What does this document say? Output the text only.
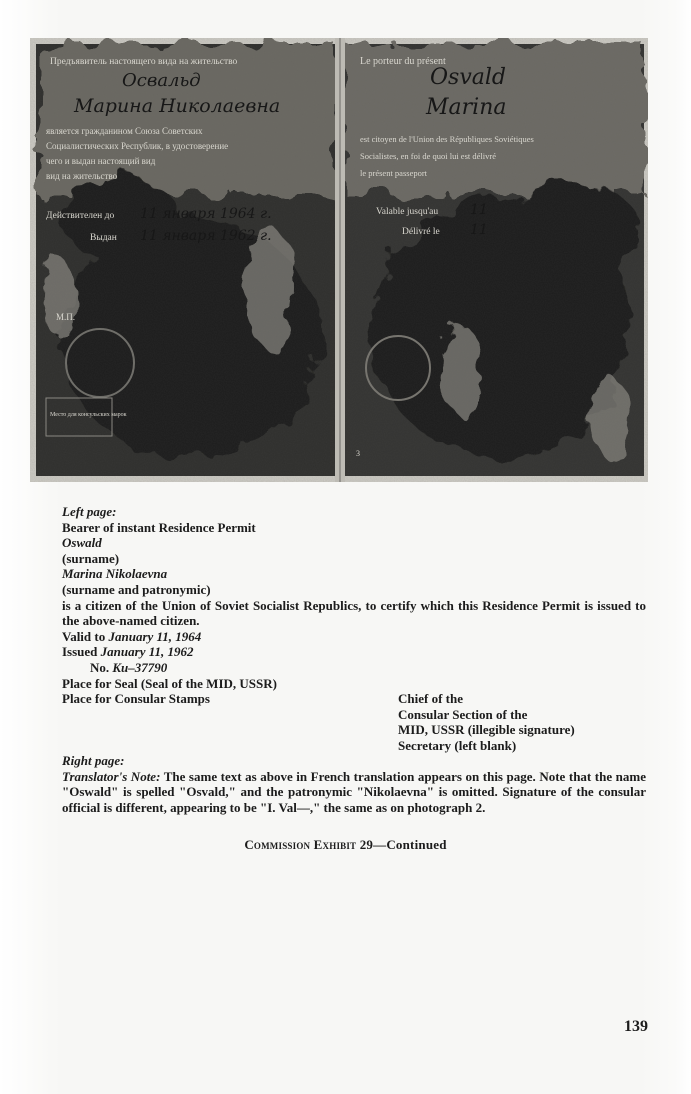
Предъявитель настоящего вида на жительство
Освальд
Марина Николаевна
является гражданином Союза Советских
Социалистических Республик, в удостоверение
чего и выдан настоящий вид
вид на жительство
Действителен до 11 января 1964 г.
Выдан 11 января 1962 г.
М.П.
Место для консульских марок
Le porteur du présent
Osvald
Marina
est citoyen de l'Union des Républiques Soviétiques
Socialistes, en foi de quoi lui est délivré
le présent passeport
Valable jusqu'au 11
Délivré le 11
3
Left page:
Bearer of instant Residence Permit
Oswald
(surname)
Marina Nikolaevna
(surname and patronymic)
is a citizen of the Union of Soviet Socialist Republics, to certify which this Residence Permit is issued to the above-named citizen.
Valid to January 11, 1964
Issued January 11, 1962
No. Ku–37790
Place for Seal (Seal of the MID, USSR)
Place for Consular Stamps	Chief of the
Consular Section of the
MID, USSR (illegible signature)
Secretary (left blank)
Right page:
Translator's Note: The same text as above in French translation appears on this page. Note that the name "Oswald" is spelled "Osvald," and the patronymic "Nikolaevna" is omitted. Signature of the consular official is different, appearing to be "I. Val—," the same as on photograph 2.
Commission Exhibit 29—Continued
139
